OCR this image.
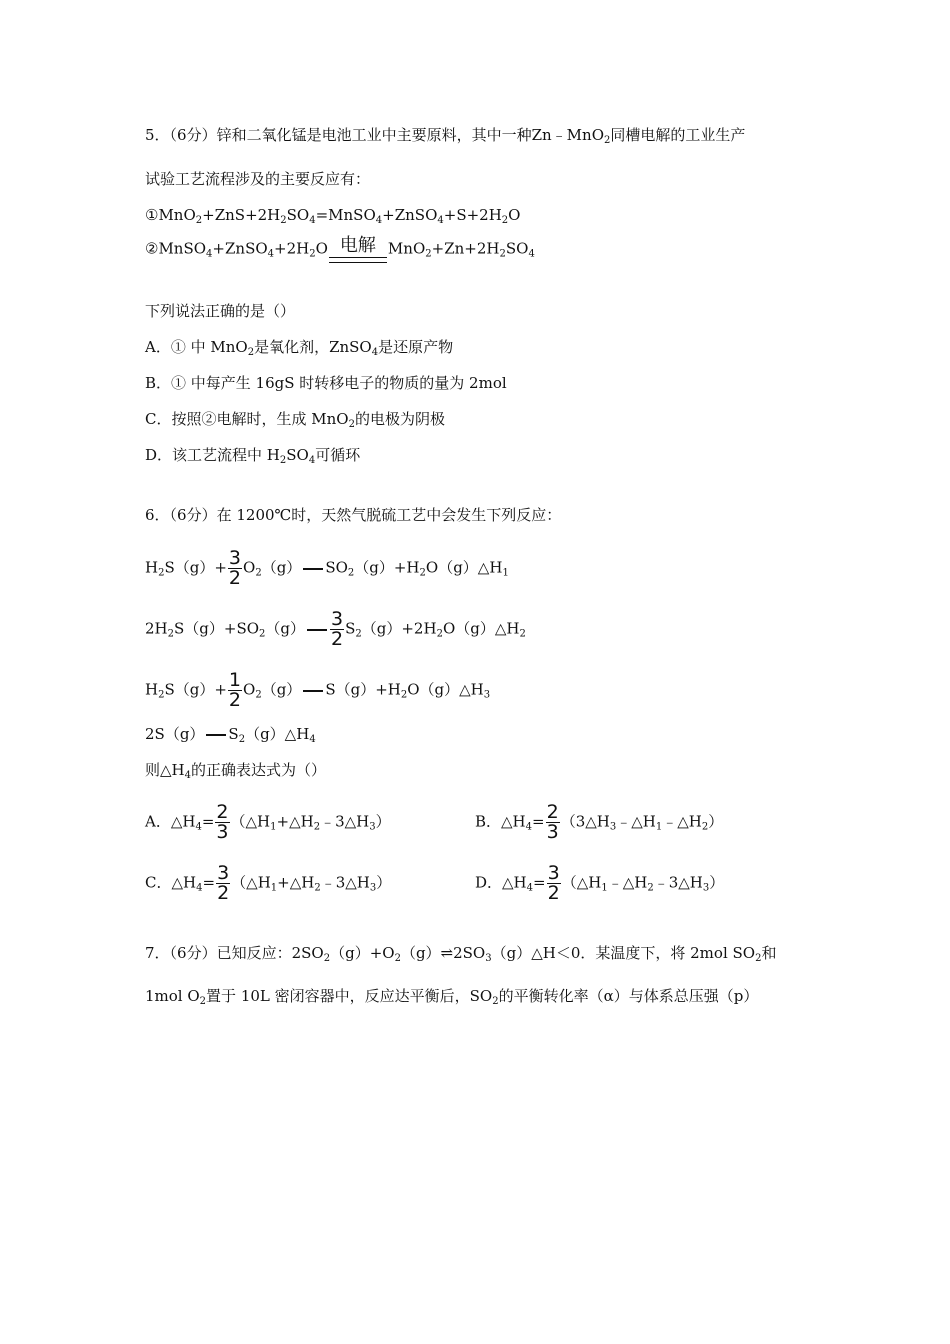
5．（6分）锌和二氧化锰是电池工业中主要原料，其中一种Zn﹣MnO$_2$同槽电解的工业生产
试验工艺流程涉及的主要反应有：
$①MnO_2+ZnS+2H_2SO_4=MnSO_4+ZnSO_4+S+2H_2O$
$②MnSO_4+ZnSO_4+2H_2O$ 电解 $MnO_2+Zn+2H_2SO_4$
下列说法正确的是（）
A．① 中 MnO$_2$是氧化剂，ZnSO$_4$是还原产物
B．① 中每产生 16gS 时转移电子的物质的量为 2mol
C．按照②电解时，生成 MnO$_2$的电极为阴极
D．该工艺流程中 $H_2SO_4$可循环
6．（6分）在 1200℃时，天然气脱硫工艺中会发生下列反应：
$H_2S(g)+ \frac{3}{2} O_2(g)$ $SO_2(g)+H_2O(g)\triangle H_1$
$2H_2S(g)+SO_2(g) \frac{3}{2}$ $S_2(g)+2H_2O(g)\triangle H_2$
$H_2S(g)+ \frac{1}{2} O_2(g)$ $S(g)+H_2O(g)\triangle H_3$
2S（g） $S_2(g)\triangle H_4$
则$\triangle H_4$的正确表达式为（）
A．$\triangle H_4= \frac{2}{3}$ $(\triangle H_1+\triangle H_2﹣3\triangle H_3)$	B．$\triangle H_4= \frac{2}{3}$ $(3\triangle H_3﹣\triangle H_1﹣\triangle H_2)$
C．$\triangle H_4= \frac{3}{2}$ $(\triangle H_1+\triangle H_2﹣3\triangle H_3)$	D．$\triangle H_4= \frac{3}{2}$ $(\triangle H_1﹣\triangle H_2﹣3\triangle H_3)$
7．（6分）已知反应：$2SO_2(g)+O_2(g)\rightleftharpoons 2SO_3(g)\triangle H<0$．某温度下，将 2mol $SO_2$和
1mol $O_2$置于 10L 密闭容器中，反应达平衡后，$SO_2$的平衡转化率（α）与体系总压强（p）
